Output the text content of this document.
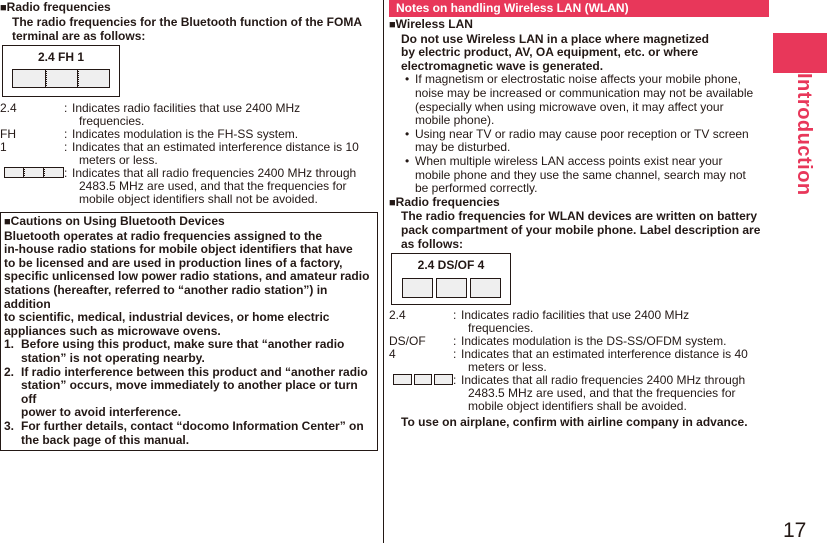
■Radio frequencies
The radio frequencies for the Bluetooth function of the FOMA
terminal are as follows:
2.4 FH 1
2.4	: Indicates radio facilities that use 2400 MHz
frequencies.
FH	: Indicates modulation is the FH-SS system.
1	: Indicates that an estimated interference distance is 10
meters or less.
: Indicates that all radio frequencies 2400 MHz through
2483.5 MHz are used, and that the frequencies for
mobile object identifiers shall not be avoided.
■Cautions on Using Bluetooth Devices

Bluetooth operates at radio frequencies assigned to the

in-house radio stations for mobile object identifiers that have

to be licensed and are used in production lines of a factory,

specific unlicensed low power radio stations, and amateur radio

stations (hereafter, referred to “another radio station”) in addition

to scientific, medical, industrial devices, or home electric

appliances such as microwave ovens.

1. Before using this product, make sure that “another radio
station” is not operating nearby.
2. If radio interference between this product and “another radio
station” occurs, move immediately to another place or turn off
power to avoid interference.
3. For further details, contact “docomo Information Center” on
the back page of this manual.
Notes on handling Wireless LAN (WLAN)
■Wireless LAN
Do not use Wireless LAN in a place where magnetized
by electric product, AV, OA equipment, etc. or where
electromagnetic wave is generated.
• If magnetism or electrostatic noise affects your mobile phone,
noise may be increased or communication may not be available
(especially when using microwave oven, it may affect your
mobile phone).
• Using near TV or radio may cause poor reception or TV screen
may be disturbed.
• When multiple wireless LAN access points exist near your
mobile phone and they use the same channel, search may not
be performed correctly.
■Radio frequencies
The radio frequencies for WLAN devices are written on battery
pack compartment of your mobile phone. Label description are
as follows:
2.4 DS/OF 4
2.4	: Indicates radio facilities that use 2400 MHz
frequencies.
DS/OF	: Indicates modulation is the DS-SS/OFDM system.
4	: Indicates that an estimated interference distance is 40
meters or less.
: Indicates that all radio frequencies 2400 MHz through
2483.5 MHz are used, and that the frequencies for
mobile object identifiers shall be avoided.
To use on airplane, confirm with airline company in advance.
Introduction
17
